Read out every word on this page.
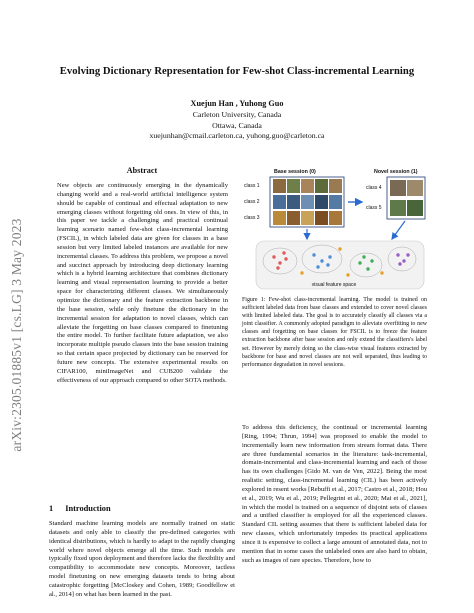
arXiv:2305.01885v1 [cs.LG] 3 May 2023
Evolving Dictionary Representation for Few-shot Class-incremental Learning
Xuejun Han , Yuhong Guo
Carleton University, Canada
Ottawa, Canada
xuejunhan@cmail.carleton.ca, yuhong.guo@carleton.ca
Abstract

New objects are continuously emerging in the dynamically changing world and a real-world artificial intelligence system should be capable of continual and effectual adaptation to new emerging classes without forgetting old ones. In view of this, in this paper we tackle a challenging and practical continual learning scenario named few-shot class-incremental learning (FSCIL), in which labeled data are given for classes in a base session but very limited labeled instances are available for new incremental classes. To address this problem, we propose a novel and succinct approach by introducing deep dictionary learning which is a hybrid learning architecture that combines dictionary learning and visual representation learning to provide a better space for characterizing different classes. We simultaneously optimize the dictionary and the feature extraction backbone in the base session, while only finetune the dictionary in the incremental session for adaptation to novel classes, which can alleviate the forgetting on base classes compared to finetuning the entire model. To further facilitate future adaptation, we also incorporate multiple pseudo classes into the base session training so that certain space projected by dictionary can be reserved for future new concepts. The extensive experimental results on CIFAR100, miniImageNet and CUB200 validate the effectiveness of our approach compared to other SOTA methods.

1 Introduction

Standard machine learning models are normally trained on static datasets and only able to classify the pre-defined categories with identical distributions, which is hardly to adapt to the rapidly changing world where novel objects emerge all the time. Such models are typically fixed upon deployment and therefore lacks the flexibility and compatibility to accommodate new concepts. Moreover, tactless model finetuning on new emerging datasets tends to bring about catastrophic forgetting [McCloskey and Cohen, 1989; Goodfellow et al., 2014] on what has been learned in the past.

To address this deficiency, the continual or incremental learning [Ring, 1994; Thrun, 1994] was proposed to enable the model to incrementally learn new information from stream format data. There are three fundamental scenarios in the literature: task-incremental, domain-incremental and class-incremental learning and each of those has its own challenges [Gido M. van de Ven, 2022]. Being the most realistic setting, class-incremental learning (CIL) has been actively explored in resent works [Rebuffi et al., 2017; Castro et al., 2018; Hou et al., 2019; Wu et al., 2019; Pellegrini et al., 2020; Mai et al., 2021], in which the model is trained on a sequence of disjoint sets of classes and a unified classifier is employed for all the experienced classes. Standard CIL setting assumes that there is sufficient labeled data for new classes, which unfortunately impedes its practical applications since it is expensive to collect a large amount of annotated data, not to mention that in some cases the unlabeled ones are also hard to obtain, such as images of rare species. Therefore, how to

Base session (0)
class 1
class 2
class 3
Novel session (1)
class 4
class 5
visual feature space

Figure 1: Few-shot class-incremental learning. The model is trained on sufficient labeled data from base classes and extended to cover novel classes with limited labeled data. The goal is to accurately classify all classes via a joint classifier. A commonly adopted paradigm to alleviate overfitting to new classes and forgetting on base classes for FSCIL is to freeze the feature extraction backbone after base session and only extend the classifiers's label set. However by merely doing so the class-wise visual features extracted by backbone for base and novel classes are not well separated, thus leading to performance degradation in novel sessions.
